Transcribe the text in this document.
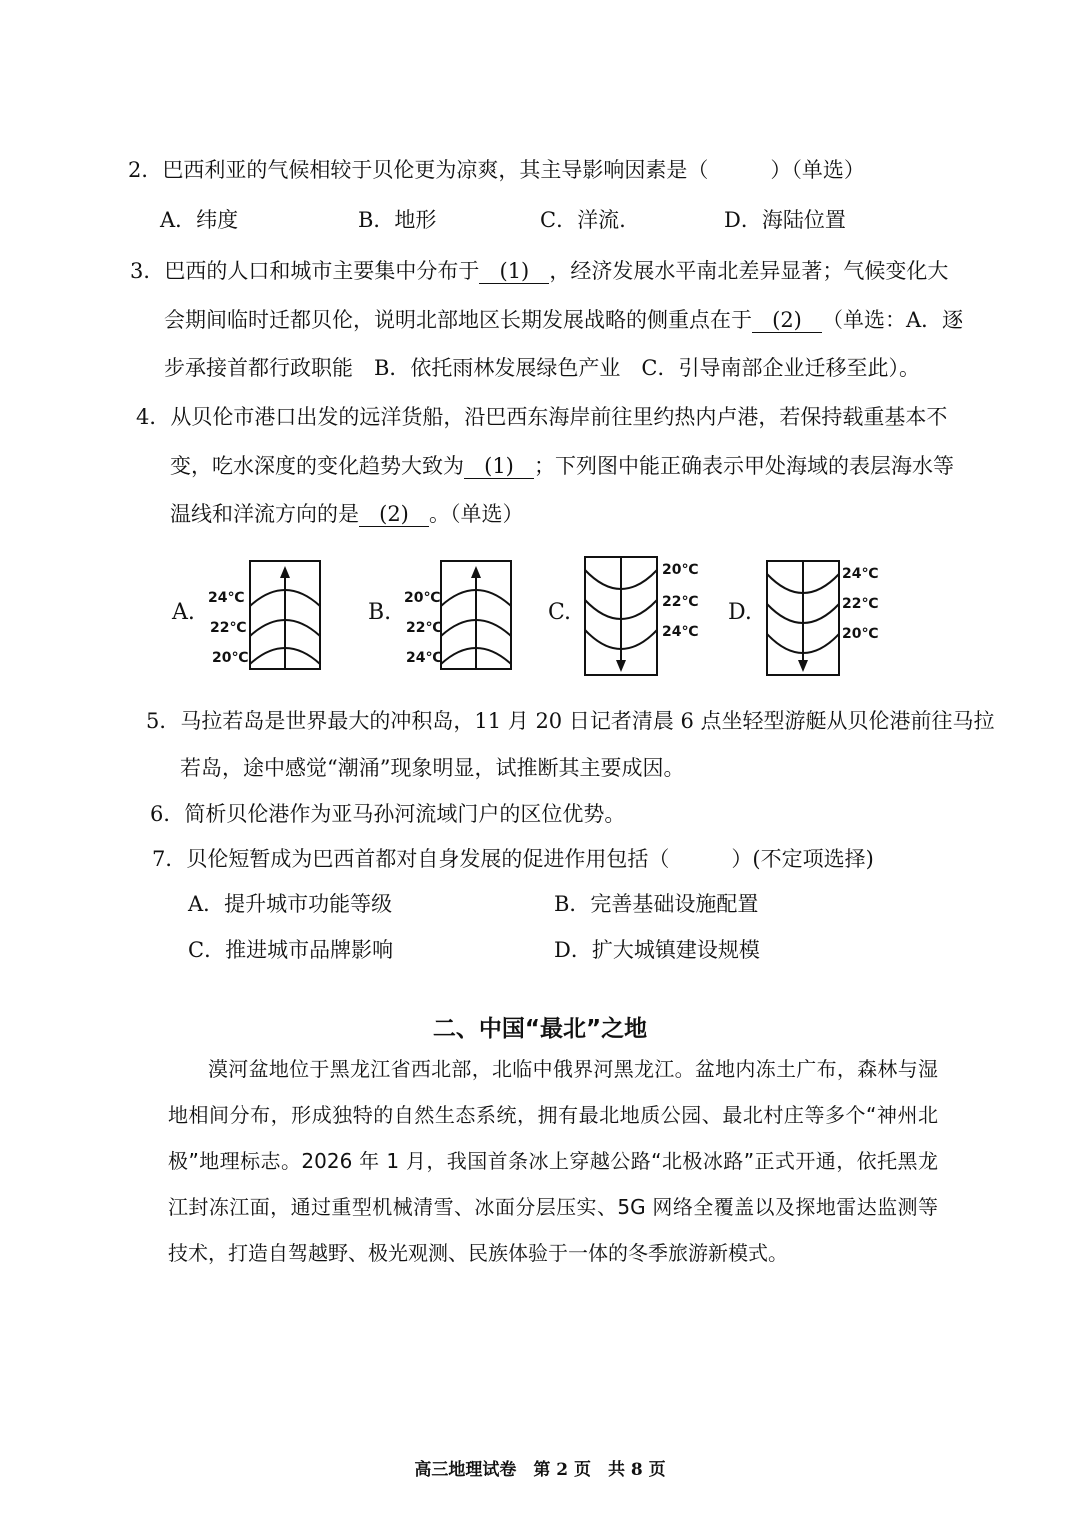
2．巴西利亚的气候相较于贝伦更为凉爽，其主导影响因素是（	）（单选）
A．纬度	B．地形	C．洋流.	D．海陆位置
3．巴西的人口和城市主要集中分布于 (1) ，经济发展水平南北差异显著；气候变化大
会期间临时迁都贝伦，说明北部地区长期发展战略的侧重点在于 (2) （单选：A．逐
步承接首都行政职能　B．依托雨林发展绿色产业　C．引导南部企业迁移至此）。
4．从贝伦市港口出发的远洋货船，沿巴西东海岸前往里约热内卢港，若保持载重基本不
变，吃水深度的变化趋势大致为 (1) ；下列图中能正确表示甲处海域的表层海水等
温线和洋流方向的是 (2) 。（单选）
A.
24℃
22℃
20℃
B.
20℃
22℃
24℃
C.
20℃
22℃
24℃
D.
24℃
22℃
20℃
5．马拉若岛是世界最大的冲积岛，11 月 20 日记者清晨 6 点坐轻型游艇从贝伦港前往马拉
若岛，途中感觉“潮涌”现象明显，试推断其主要成因。
6．简析贝伦港作为亚马孙河流域门户的区位优势。
7．贝伦短暂成为巴西首都对自身发展的促进作用包括（	）(不定项选择)
A．提升城市功能等级	B．完善基础设施配置
C．推进城市品牌影响	D．扩大城镇建设规模
二、中国“最北”之地

漠河盆地位于黑龙江省西北部，北临中俄界河黑龙江。盆地内冻土广布，森林与湿地相间分布，形成独特的自然生态系统，拥有最北地质公园、最北村庄等多个“神州北极”地理标志。2026 年 1 月，我国首条冰上穿越公路“北极冰路”正式开通，依托黑龙江封冻江面，通过重型机械清雪、冰面分层压实、5G 网络全覆盖以及探地雷达监测等技术，打造自驾越野、极光观测、民族体验于一体的冬季旅游新模式。

高三地理试卷　第 2 页　共 8 页
